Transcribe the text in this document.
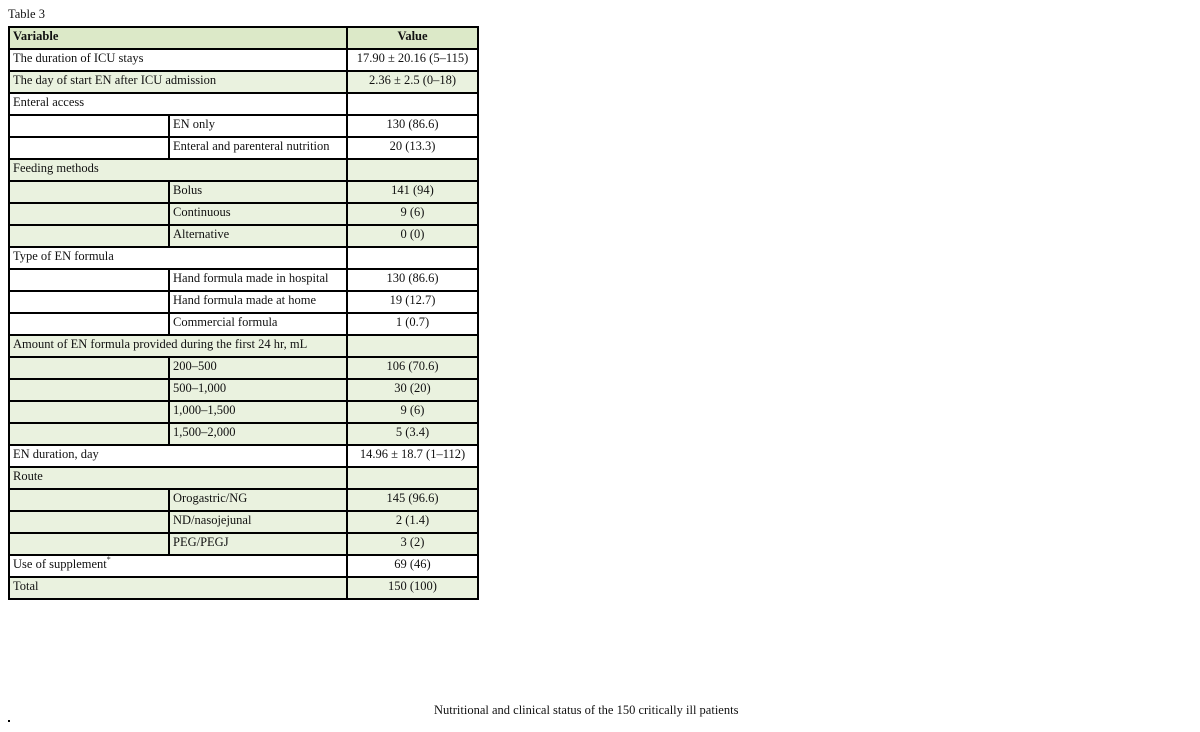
Table 3
Variable		Value
The duration of ICU stays		17.90 ± 20.16 (5–115)
The day of start EN after ICU admission		2.36 ± 2.5 (0–18)
Enteral access		
	EN only	130 (86.6)
	Enteral and parenteral nutrition	20 (13.3)
Feeding methods		
	Bolus	141 (94)
	Continuous	9 (6)
	Alternative	0 (0)
Type of EN formula		
	Hand formula made in hospital	130 (86.6)
	Hand formula made at home	19 (12.7)
	Commercial formula	1 (0.7)
Amount of EN formula provided during the first 24 hr, mL		
	200–500	106 (70.6)
	500–1,000	30 (20)
	1,000–1,500	9 (6)
	1,500–2,000	5 (3.4)
EN duration, day		14.96 ± 18.7 (1–112)
Route		
	Orogastric/NG	145 (96.6)
	ND/nasojejunal	2 (1.4)
	PEG/PEGJ	3 (2)
Use of supplement*		69 (46)
Total		150 (100)
Nutritional and clinical status of the 150 critically ill patients
